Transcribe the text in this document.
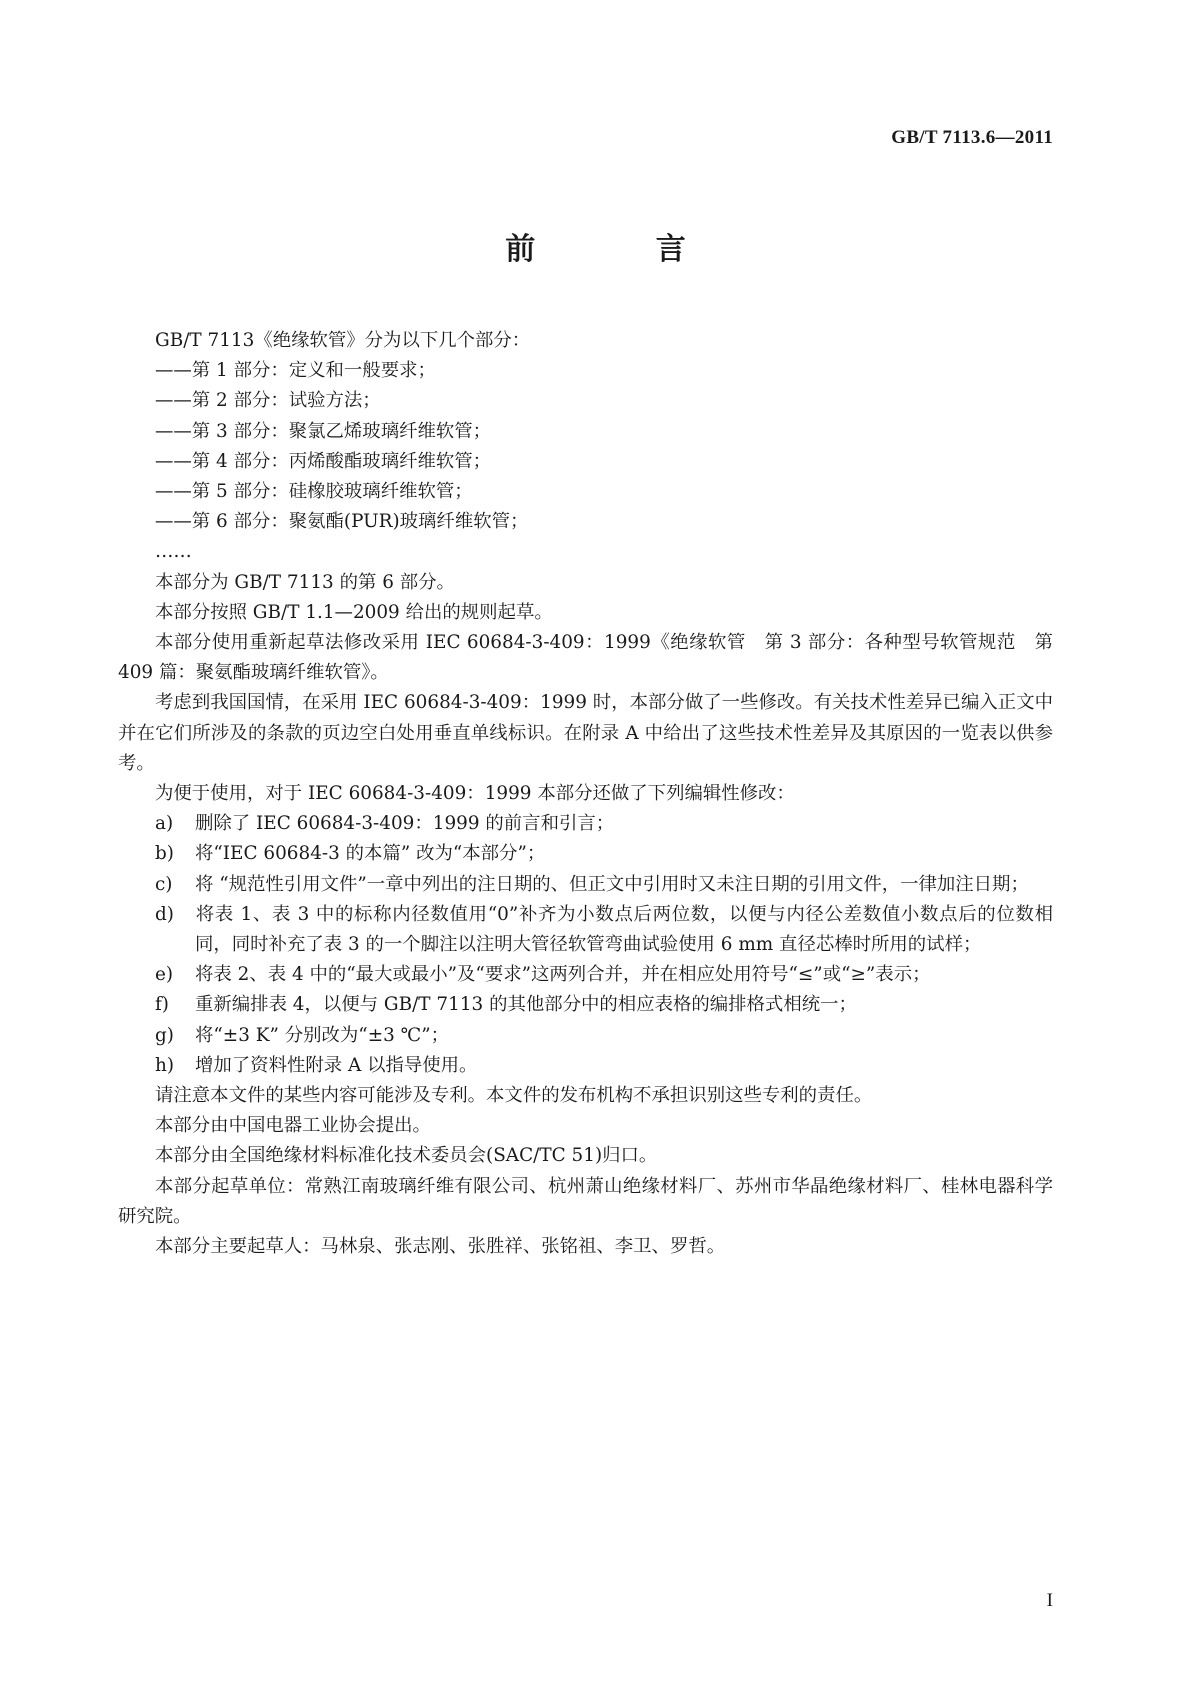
GB/T 7113.6—2011
前 言

GB/T 7113《绝缘软管》分为以下几个部分：

——第 1 部分：定义和一般要求；

——第 2 部分：试验方法；

——第 3 部分：聚氯乙烯玻璃纤维软管；

——第 4 部分：丙烯酸酯玻璃纤维软管；

——第 5 部分：硅橡胶玻璃纤维软管；

——第 6 部分：聚氨酯(PUR)玻璃纤维软管；

……

本部分为 GB/T 7113 的第 6 部分。

本部分按照 GB/T 1.1—2009 给出的规则起草。

本部分使用重新起草法修改采用 IEC 60684-3-409：1999《绝缘软管　第 3 部分：各种型号软管规范　第409 篇：聚氨酯玻璃纤维软管》。

考虑到我国国情，在采用 IEC 60684-3-409：1999 时，本部分做了一些修改。有关技术性差异已编入正文中并在它们所涉及的条款的页边空白处用垂直单线标识。在附录 A 中给出了这些技术性差异及其原因的一览表以供参考。

为便于使用，对于 IEC 60684-3-409：1999 本部分还做了下列编辑性修改：

a) 删除了 IEC 60684-3-409：1999 的前言和引言；

b) 将“IEC 60684-3 的本篇” 改为“本部分”；

c) 将 “规范性引用文件”一章中列出的注日期的、但正文中引用时又未注日期的引用文件，一律加注日期；

d) 将表 1、表 3 中的标称内径数值用“0”补齐为小数点后两位数，以便与内径公差数值小数点后的位数相同，同时补充了表 3 的一个脚注以注明大管径软管弯曲试验使用 6 mm 直径芯棒时所用的试样；

e) 将表 2、表 4 中的“最大或最小”及“要求”这两列合并，并在相应处用符号“≤”或“≥”表示；

f) 重新编排表 4，以便与 GB/T 7113 的其他部分中的相应表格的编排格式相统一；

g) 将“±3 K” 分别改为“±3 ℃”；

h) 增加了资料性附录 A 以指导使用。

请注意本文件的某些内容可能涉及专利。本文件的发布机构不承担识别这些专利的责任。

本部分由中国电器工业协会提出。

本部分由全国绝缘材料标准化技术委员会(SAC/TC 51)归口。

本部分起草单位：常熟江南玻璃纤维有限公司、杭州萧山绝缘材料厂、苏州市华晶绝缘材料厂、桂林电器科学研究院。

本部分主要起草人：马林泉、张志刚、张胜祥、张铭祖、李卫、罗哲。

I
